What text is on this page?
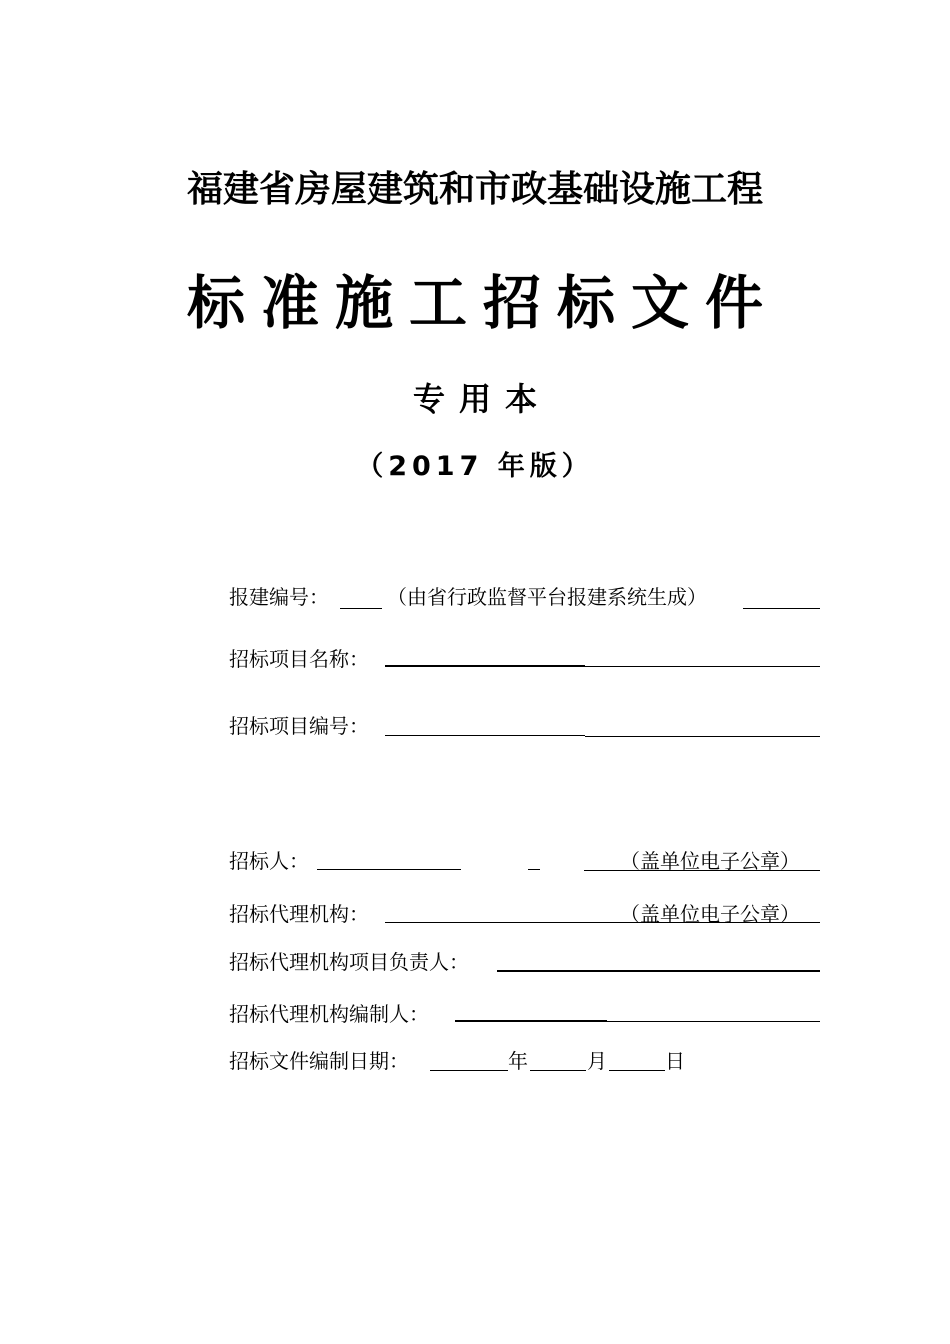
福建省房屋建筑和市政基础设施工程
标准施工招标文件
专用本
（2017 年版）
报建编号：	（由省行政监督平台报建系统生成）
招标项目名称：
招标项目编号：
招标人：	（盖单位电子公章）
招标代理机构：	（盖单位电子公章）
招标代理机构项目负责人：
招标代理机构编制人：
招标文件编制日期：	年	月	日
